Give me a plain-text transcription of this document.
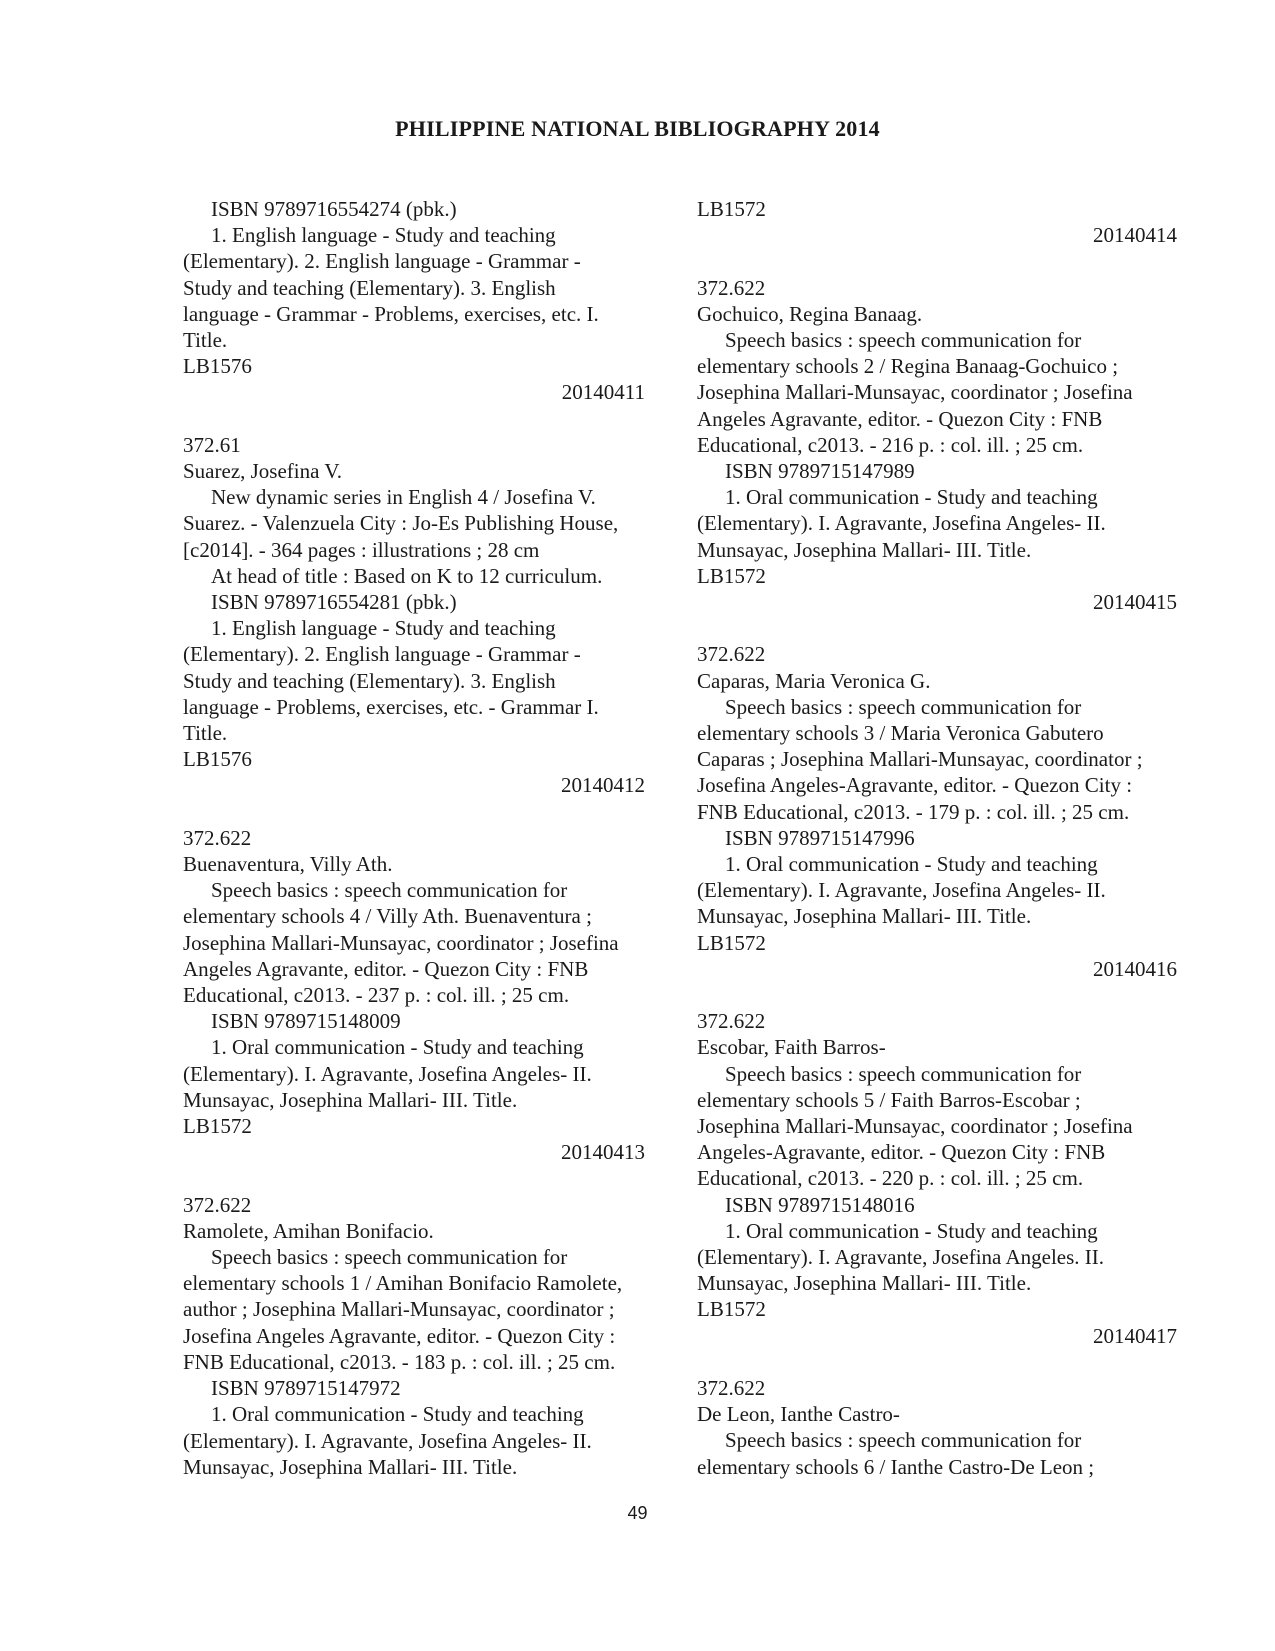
PHILIPPINE NATIONAL BIBLIOGRAPHY 2014
ISBN 9789716554274 (pbk.)
1. English language - Study and teaching
(Elementary). 2. English language - Grammar -
Study and teaching (Elementary). 3. English
language - Grammar - Problems, exercises, etc. I.
Title.
LB1576
20140411
372.61
Suarez, Josefina V.
New dynamic series in English 4 / Josefina V.
Suarez. - Valenzuela City : Jo-Es Publishing House,
[c2014]. - 364 pages : illustrations ; 28 cm
At head of title : Based on K to 12 curriculum.
ISBN 9789716554281 (pbk.)
1. English language - Study and teaching
(Elementary). 2. English language - Grammar -
Study and teaching (Elementary). 3. English
language - Problems, exercises, etc. - Grammar I.
Title.
LB1576
20140412
372.622
Buenaventura, Villy Ath.
Speech basics : speech communication for
elementary schools 4 / Villy Ath. Buenaventura ;
Josephina Mallari-Munsayac, coordinator ; Josefina
Angeles Agravante, editor. - Quezon City : FNB
Educational, c2013. - 237 p. : col. ill. ; 25 cm.
ISBN 9789715148009
1. Oral communication - Study and teaching
(Elementary). I. Agravante, Josefina Angeles- II.
Munsayac, Josephina Mallari- III. Title.
LB1572
20140413
372.622
Ramolete, Amihan Bonifacio.
Speech basics : speech communication for
elementary schools 1 / Amihan Bonifacio Ramolete,
author ; Josephina Mallari-Munsayac, coordinator ;
Josefina Angeles Agravante, editor. - Quezon City :
FNB Educational, c2013. - 183 p. : col. ill. ; 25 cm.
ISBN 9789715147972
1. Oral communication - Study and teaching
(Elementary). I. Agravante, Josefina Angeles- II.
Munsayac, Josephina Mallari- III. Title.
LB1572
20140414
372.622
Gochuico, Regina Banaag.
Speech basics : speech communication for
elementary schools 2 / Regina Banaag-Gochuico ;
Josephina Mallari-Munsayac, coordinator ; Josefina
Angeles Agravante, editor. - Quezon City : FNB
Educational, c2013. - 216 p. : col. ill. ; 25 cm.
ISBN 9789715147989
1. Oral communication - Study and teaching
(Elementary). I. Agravante, Josefina Angeles- II.
Munsayac, Josephina Mallari- III. Title.
LB1572
20140415
372.622
Caparas, Maria Veronica G.
Speech basics : speech communication for
elementary schools 3 / Maria Veronica Gabutero
Caparas ; Josephina Mallari-Munsayac, coordinator ;
Josefina Angeles-Agravante, editor. - Quezon City :
FNB Educational, c2013. - 179 p. : col. ill. ; 25 cm.
ISBN 9789715147996
1. Oral communication - Study and teaching
(Elementary). I. Agravante, Josefina Angeles- II.
Munsayac, Josephina Mallari- III. Title.
LB1572
20140416
372.622
Escobar, Faith Barros-
Speech basics : speech communication for
elementary schools 5 / Faith Barros-Escobar ;
Josephina Mallari-Munsayac, coordinator ; Josefina
Angeles-Agravante, editor. - Quezon City : FNB
Educational, c2013. - 220 p. : col. ill. ; 25 cm.
ISBN 9789715148016
1. Oral communication - Study and teaching
(Elementary). I. Agravante, Josefina Angeles. II.
Munsayac, Josephina Mallari- III. Title.
LB1572
20140417
372.622
De Leon, Ianthe Castro-
Speech basics : speech communication for
elementary schools 6 / Ianthe Castro-De Leon ;
49
